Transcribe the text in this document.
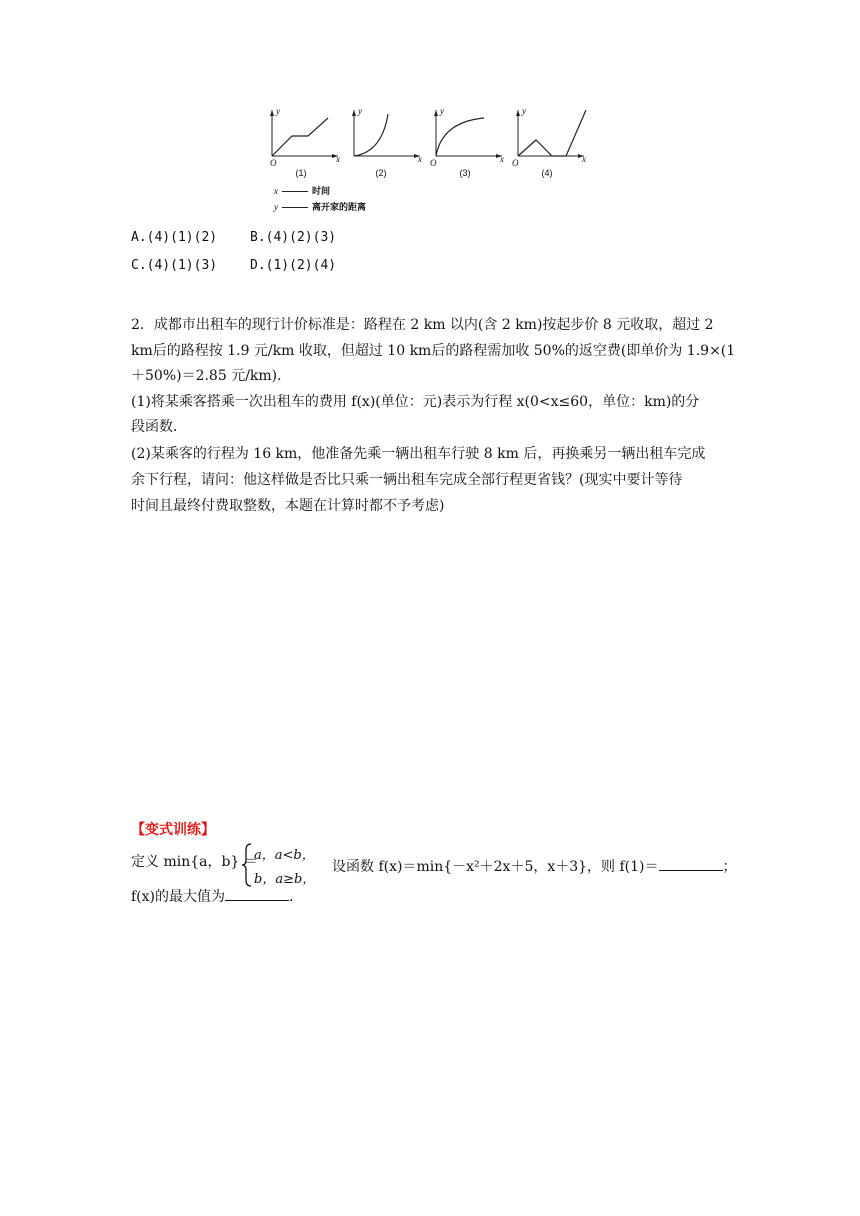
y
x
O
(1)
y
x
(2)
y
x
O
(3)
y
x
O
(4)
x	时间
y	离开家的距离
A.(4)(1)(2)	B.(4)(2)(3)
C.(4)(1)(3)	D.(1)(2)(4)
2．成都市出租车的现行计价标准是：路程在 2 km 以内(含 2 km)按起步价 8 元收取，超过 2
km后的路程按 1.9 元/km 收取，但超过 10 km后的路程需加收 50%的返空费(即单价为 1.9×(1
＋50%)＝2.85 元/km)．
(1)将某乘客搭乘一次出租车的费用 f(x)(单位：元)表示为行程 x(0<x≤60，单位：km)的分
段函数．
(2)某乘客的行程为 16 km，他准备先乘一辆出租车行驶 8 km 后，再换乘另一辆出租车完成
余下行程，请问：他这样做是否比只乘一辆出租车完成全部行程更省钱？(现实中要计等待
时间且最终付费取整数，本题在计算时都不予考虑)
【变式训练】
定义 min{a，b} ＝
a，a<b，
b，a≥b，
设函数 f(x)＝min{－x²＋2x＋5，x＋3}，则 f(1)＝	；
f(x)的最大值为	．
